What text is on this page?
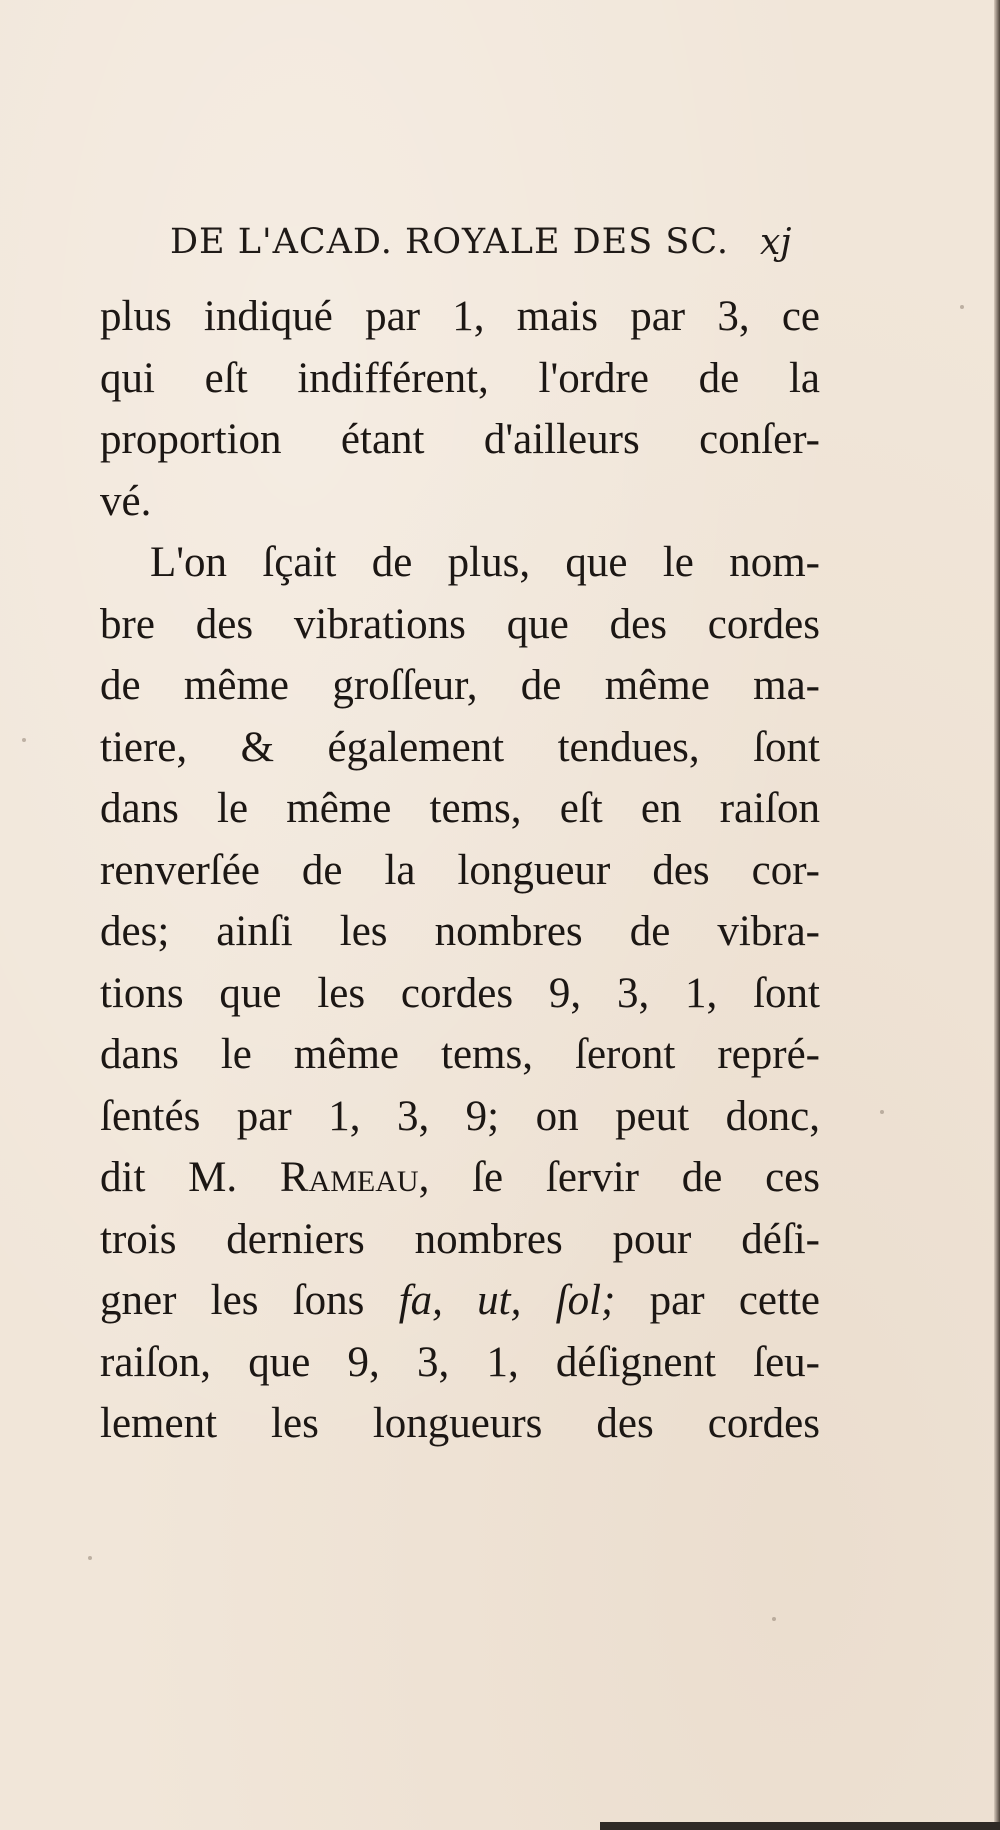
DE L'ACAD. ROYALE DES SC. xj
plus indiqué par 1, mais par 3, ce
qui eſt indifférent, l'ordre de la
proportion étant d'ailleurs conſer-
vé.
L'on ſçait de plus, que le nom-
bre des vibrations que des cordes
de même groſſeur, de même ma-
tiere, & également tendues, ſont
dans le même tems, eſt en raiſon
renverſée de la longueur des cor-
des; ainſi les nombres de vibra-
tions que les cordes 9, 3, 1, ſont
dans le même tems, ſeront repré-
ſentés par 1, 3, 9; on peut donc,
dit M. Rameau, ſe ſervir de ces
trois derniers nombres pour déſi-
gner les ſons fa, ut, ſol; par cette
raiſon, que 9, 3, 1, déſignent ſeu-
lement les longueurs des cordes
